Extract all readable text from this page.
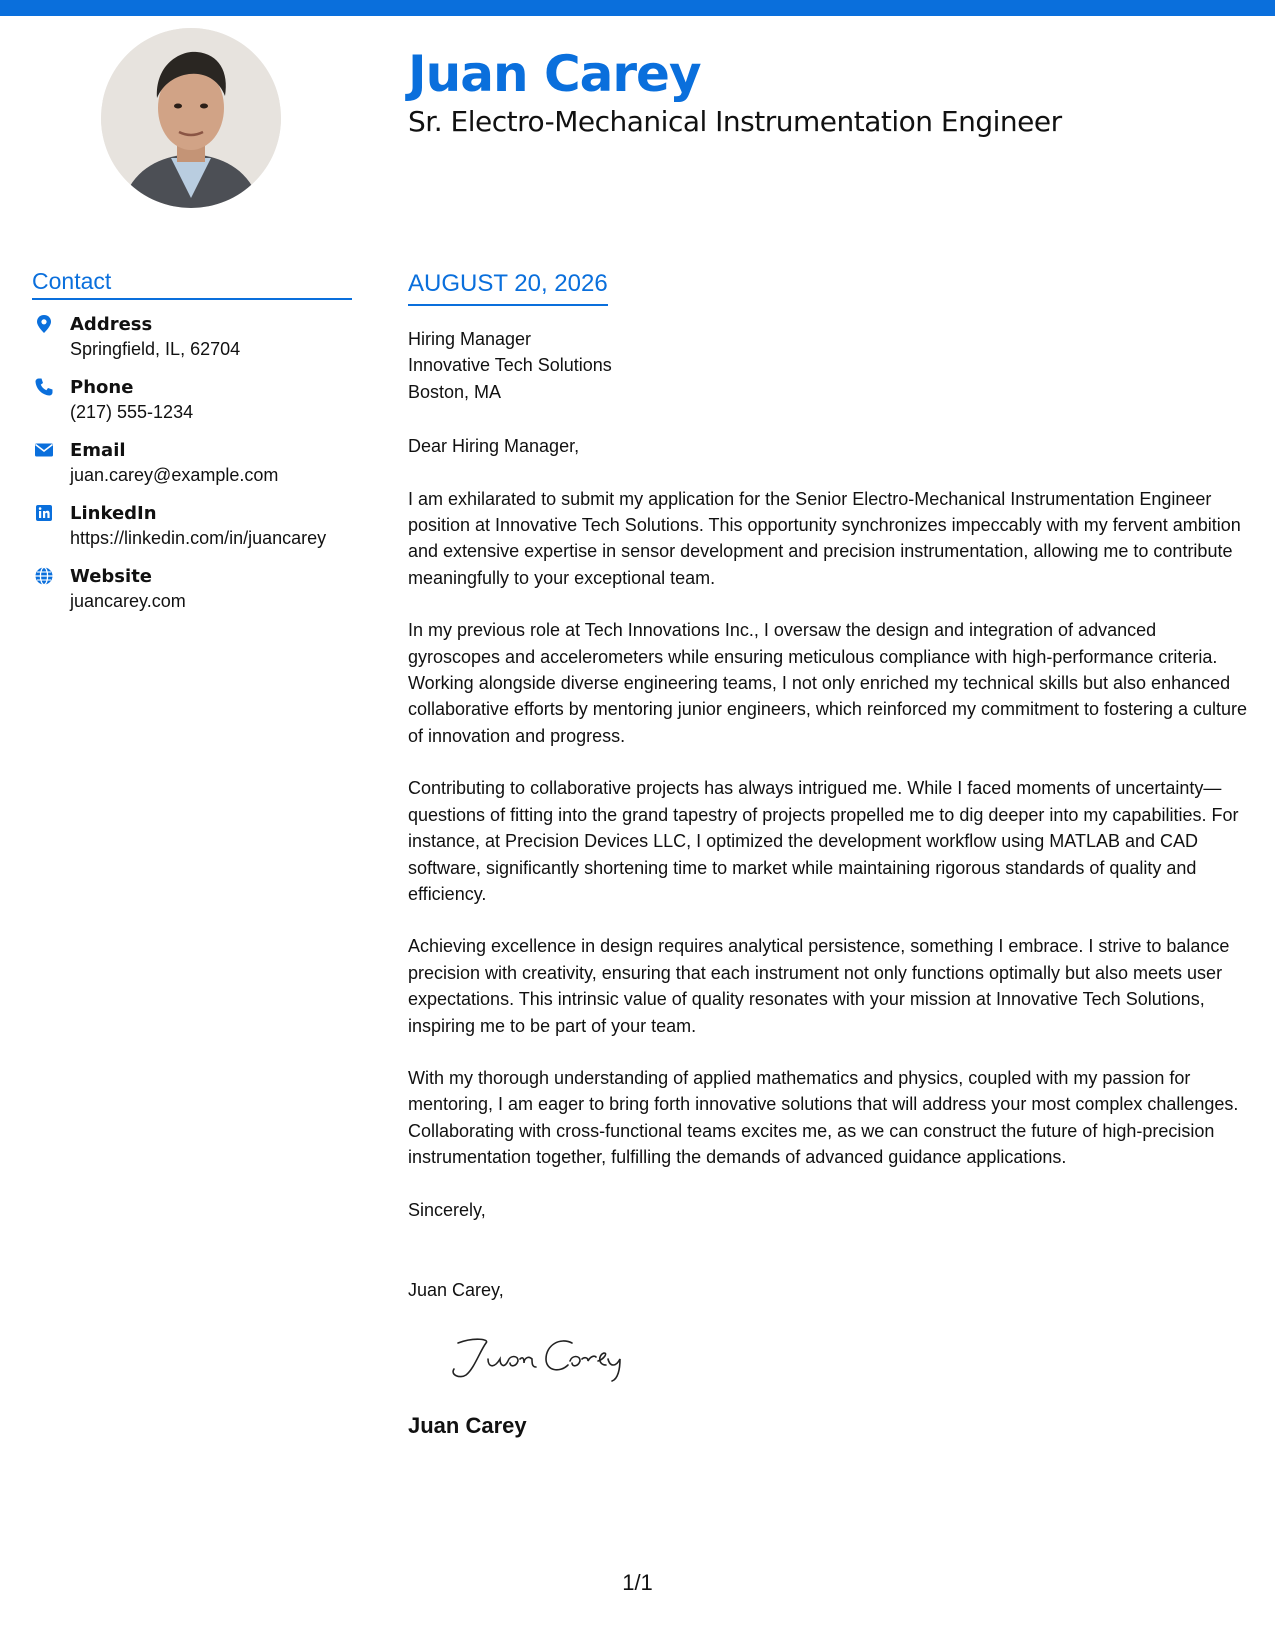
Juan Carey
Sr. Electro-Mechanical Instrumentation Engineer
Contact
Address
Springfield, IL, 62704
Phone
(217) 555-1234
Email
juan.carey@example.com
LinkedIn
https://linkedin.com/in/juancarey
Website
juancarey.com
AUGUST 20, 2026
Hiring Manager
Innovative Tech Solutions
Boston, MA
Dear Hiring Manager,
I am exhilarated to submit my application for the Senior Electro-Mechanical Instrumentation Engineer position at Innovative Tech Solutions. This opportunity synchronizes impeccably with my fervent ambition and extensive expertise in sensor development and precision instrumentation, allowing me to contribute meaningfully to your exceptional team.
In my previous role at Tech Innovations Inc., I oversaw the design and integration of advanced gyroscopes and accelerometers while ensuring meticulous compliance with high-performance criteria. Working alongside diverse engineering teams, I not only enriched my technical skills but also enhanced collaborative efforts by mentoring junior engineers, which reinforced my commitment to fostering a culture of innovation and progress.
Contributing to collaborative projects has always intrigued me. While I faced moments of uncertainty—questions of fitting into the grand tapestry of projects propelled me to dig deeper into my capabilities. For instance, at Precision Devices LLC, I optimized the development workflow using MATLAB and CAD software, significantly shortening time to market while maintaining rigorous standards of quality and efficiency.
Achieving excellence in design requires analytical persistence, something I embrace. I strive to balance precision with creativity, ensuring that each instrument not only functions optimally but also meets user expectations. This intrinsic value of quality resonates with your mission at Innovative Tech Solutions, inspiring me to be part of your team.
With my thorough understanding of applied mathematics and physics, coupled with my passion for mentoring, I am eager to bring forth innovative solutions that will address your most complex challenges. Collaborating with cross-functional teams excites me, as we can construct the future of high-precision instrumentation together, fulfilling the demands of advanced guidance applications.
Sincerely,
Juan Carey,
Juan Carey
1/1
